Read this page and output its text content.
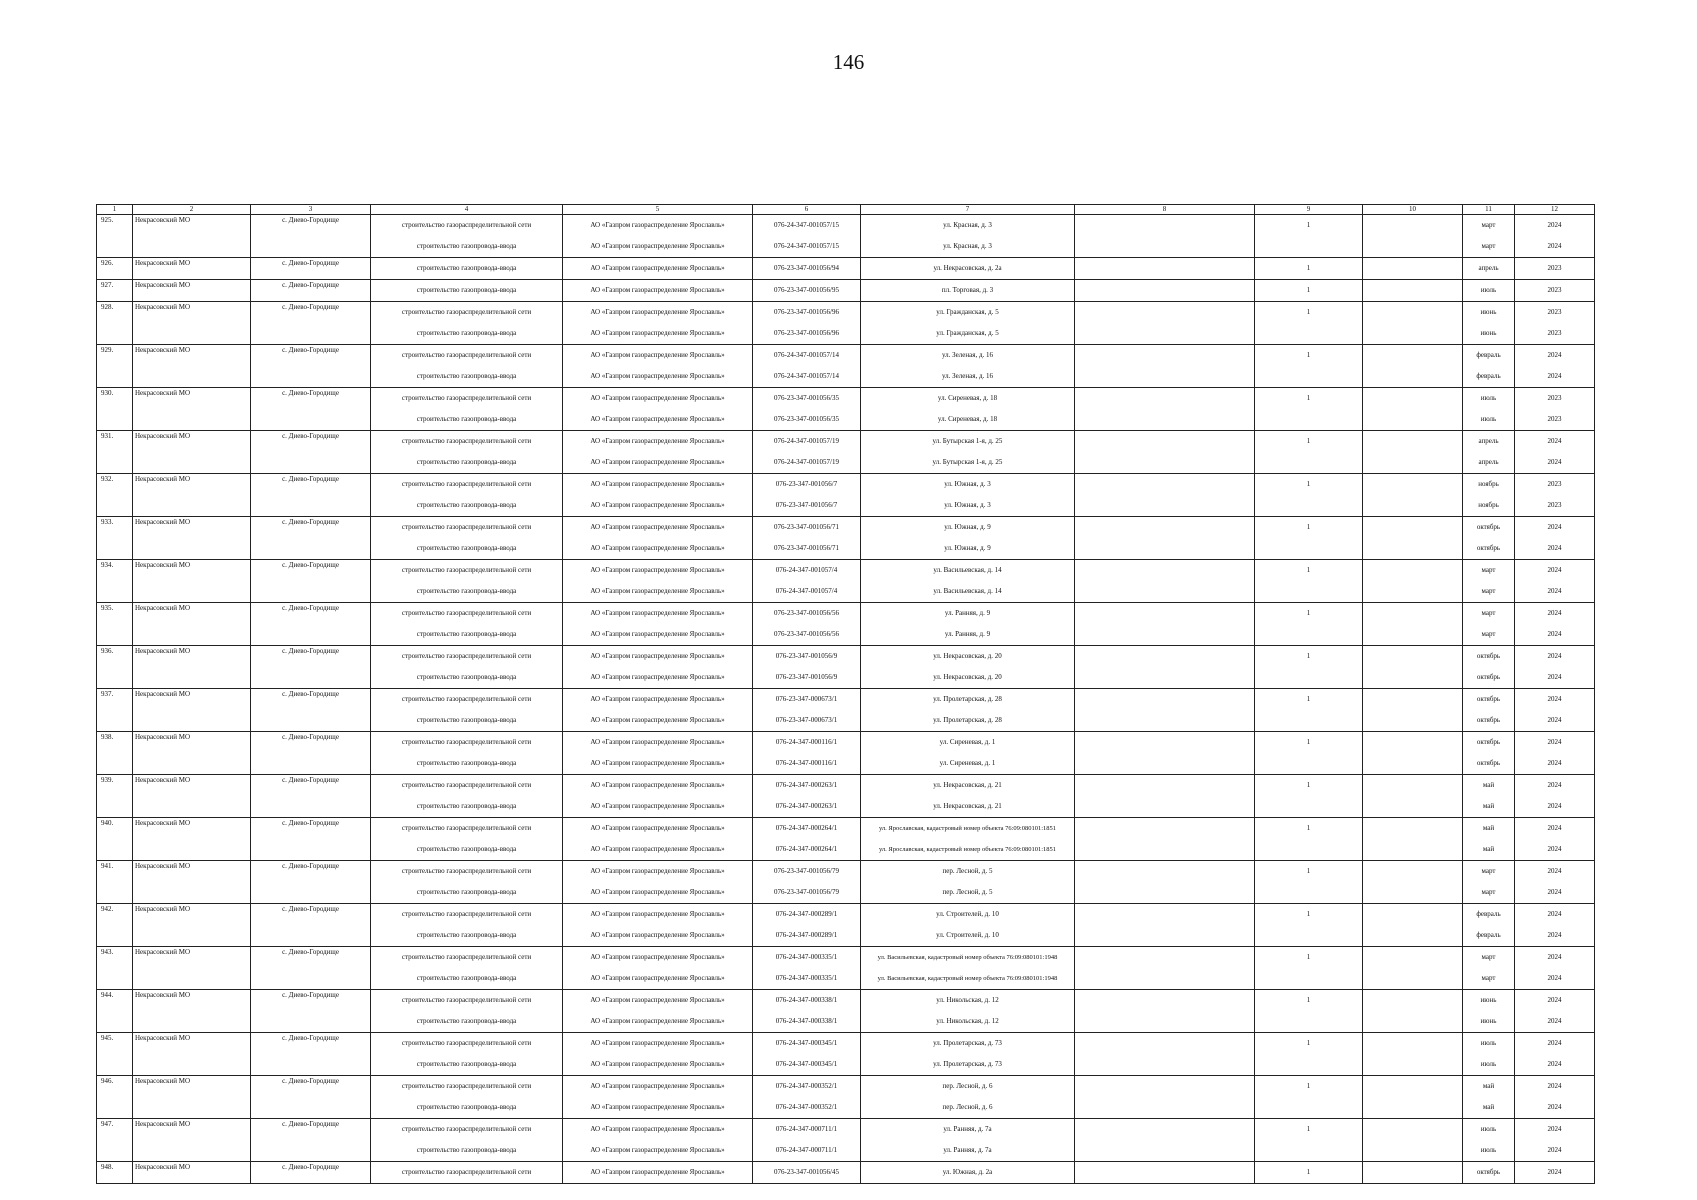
146
1	2	3	4	5	6	7	8	9	10	11	12
925.	Некрасовский МО	с. Диево-Городище	строительство газораспределительной сети	АО «Газпром газораспределение Ярославль»	076-24-347-001057/15	ул. Красная, д. 3		1		март	2024
			строительство газопровода-ввода	АО «Газпром газораспределение Ярославль»	076-24-347-001057/15	ул. Красная, д. 3				март	2024
926.	Некрасовский МО	с. Диево-Городище	строительство газопровода-ввода	АО «Газпром газораспределение Ярославль»	076-23-347-001056/94	ул. Некрасовская, д. 2а		1		апрель	2023
927.	Некрасовский МО	с. Диево-Городище	строительство газопровода-ввода	АО «Газпром газораспределение Ярославль»	076-23-347-001056/95	пл. Торговая, д. 3		1		июль	2023
928.	Некрасовский МО	с. Диево-Городище	строительство газораспределительной сети	АО «Газпром газораспределение Ярославль»	076-23-347-001056/96	ул. Гражданская, д. 5		1		июнь	2023
			строительство газопровода-ввода	АО «Газпром газораспределение Ярославль»	076-23-347-001056/96	ул. Гражданская, д. 5				июнь	2023
929.	Некрасовский МО	с. Диево-Городище	строительство газораспределительной сети	АО «Газпром газораспределение Ярославль»	076-24-347-001057/14	ул. Зеленая, д. 16		1		февраль	2024
			строительство газопровода-ввода	АО «Газпром газораспределение Ярославль»	076-24-347-001057/14	ул. Зеленая, д. 16				февраль	2024
930.	Некрасовский МО	с. Диево-Городище	строительство газораспределительной сети	АО «Газпром газораспределение Ярославль»	076-23-347-001056/35	ул. Сиреневая, д. 18		1		июль	2023
			строительство газопровода-ввода	АО «Газпром газораспределение Ярославль»	076-23-347-001056/35	ул. Сиреневая, д. 18				июль	2023
931.	Некрасовский МО	с. Диево-Городище	строительство газораспределительной сети	АО «Газпром газораспределение Ярославль»	076-24-347-001057/19	ул. Бутырская 1-я, д. 25		1		апрель	2024
			строительство газопровода-ввода	АО «Газпром газораспределение Ярославль»	076-24-347-001057/19	ул. Бутырская 1-я, д. 25				апрель	2024
932.	Некрасовский МО	с. Диево-Городище	строительство газораспределительной сети	АО «Газпром газораспределение Ярославль»	076-23-347-001056/7	ул. Южная, д. 3		1		ноябрь	2023
			строительство газопровода-ввода	АО «Газпром газораспределение Ярославль»	076-23-347-001056/7	ул. Южная, д. 3				ноябрь	2023
933.	Некрасовский МО	с. Диево-Городище	строительство газораспределительной сети	АО «Газпром газораспределение Ярославль»	076-23-347-001056/71	ул. Южная, д. 9		1		октябрь	2024
			строительство газопровода-ввода	АО «Газпром газораспределение Ярославль»	076-23-347-001056/71	ул. Южная, д. 9				октябрь	2024
934.	Некрасовский МО	с. Диево-Городище	строительство газораспределительной сети	АО «Газпром газораспределение Ярославль»	076-24-347-001057/4	ул. Васильевская, д. 14		1		март	2024
			строительство газопровода-ввода	АО «Газпром газораспределение Ярославль»	076-24-347-001057/4	ул. Васильевская, д. 14				март	2024
935.	Некрасовский МО	с. Диево-Городище	строительство газораспределительной сети	АО «Газпром газораспределение Ярославль»	076-23-347-001056/56	ул. Ранняя, д. 9		1		март	2024
			строительство газопровода-ввода	АО «Газпром газораспределение Ярославль»	076-23-347-001056/56	ул. Ранняя, д. 9				март	2024
936.	Некрасовский МО	с. Диево-Городище	строительство газораспределительной сети	АО «Газпром газораспределение Ярославль»	076-23-347-001056/9	ул. Некрасовская, д. 20		1		октябрь	2024
			строительство газопровода-ввода	АО «Газпром газораспределение Ярославль»	076-23-347-001056/9	ул. Некрасовская, д. 20				октябрь	2024
937.	Некрасовский МО	с. Диево-Городище	строительство газораспределительной сети	АО «Газпром газораспределение Ярославль»	076-23-347-000673/1	ул. Пролетарская, д. 28		1		октябрь	2024
			строительство газопровода-ввода	АО «Газпром газораспределение Ярославль»	076-23-347-000673/1	ул. Пролетарская, д. 28				октябрь	2024
938.	Некрасовский МО	с. Диево-Городище	строительство газораспределительной сети	АО «Газпром газораспределение Ярославль»	076-24-347-000116/1	ул. Сиреневая, д. 1		1		октябрь	2024
			строительство газопровода-ввода	АО «Газпром газораспределение Ярославль»	076-24-347-000116/1	ул. Сиреневая, д. 1				октябрь	2024
939.	Некрасовский МО	с. Диево-Городище	строительство газораспределительной сети	АО «Газпром газораспределение Ярославль»	076-24-347-000263/1	ул. Некрасовская, д. 21		1		май	2024
			строительство газопровода-ввода	АО «Газпром газораспределение Ярославль»	076-24-347-000263/1	ул. Некрасовская, д. 21				май	2024
940.	Некрасовский МО	с. Диево-Городище	строительство газораспределительной сети	АО «Газпром газораспределение Ярославль»	076-24-347-000264/1	ул. Ярославская, кадастровый номер объекта 76:09:080101:1851		1		май	2024
			строительство газопровода-ввода	АО «Газпром газораспределение Ярославль»	076-24-347-000264/1	ул. Ярославская, кадастровый номер объекта 76:09:080101:1851				май	2024
941.	Некрасовский МО	с. Диево-Городище	строительство газораспределительной сети	АО «Газпром газораспределение Ярославль»	076-23-347-001056/79	пер. Лесной, д. 5		1		март	2024
			строительство газопровода-ввода	АО «Газпром газораспределение Ярославль»	076-23-347-001056/79	пер. Лесной, д. 5				март	2024
942.	Некрасовский МО	с. Диево-Городище	строительство газораспределительной сети	АО «Газпром газораспределение Ярославль»	076-24-347-000289/1	ул. Строителей, д. 10		1		февраль	2024
			строительство газопровода-ввода	АО «Газпром газораспределение Ярославль»	076-24-347-000289/1	ул. Строителей, д. 10				февраль	2024
943.	Некрасовский МО	с. Диево-Городище	строительство газораспределительной сети	АО «Газпром газораспределение Ярославль»	076-24-347-000335/1	ул. Васильевская, кадастровый номер объекта 76:09:080101:1948		1		март	2024
			строительство газопровода-ввода	АО «Газпром газораспределение Ярославль»	076-24-347-000335/1	ул. Васильевская, кадастровый номер объекта 76:09:080101:1948				март	2024
944.	Некрасовский МО	с. Диево-Городище	строительство газораспределительной сети	АО «Газпром газораспределение Ярославль»	076-24-347-000338/1	ул. Никольская, д. 12		1		июнь	2024
			строительство газопровода-ввода	АО «Газпром газораспределение Ярославль»	076-24-347-000338/1	ул. Никольская, д. 12				июнь	2024
945.	Некрасовский МО	с. Диево-Городище	строительство газораспределительной сети	АО «Газпром газораспределение Ярославль»	076-24-347-000345/1	ул. Пролетарская, д. 73		1		июль	2024
			строительство газопровода-ввода	АО «Газпром газораспределение Ярославль»	076-24-347-000345/1	ул. Пролетарская, д. 73				июль	2024
946.	Некрасовский МО	с. Диево-Городище	строительство газораспределительной сети	АО «Газпром газораспределение Ярославль»	076-24-347-000352/1	пер. Лесной, д. 6		1		май	2024
			строительство газопровода-ввода	АО «Газпром газораспределение Ярославль»	076-24-347-000352/1	пер. Лесной, д. 6				май	2024
947.	Некрасовский МО	с. Диево-Городище	строительство газораспределительной сети	АО «Газпром газораспределение Ярославль»	076-24-347-000711/1	ул. Ранняя, д. 7а		1		июль	2024
			строительство газопровода-ввода	АО «Газпром газораспределение Ярославль»	076-24-347-000711/1	ул. Ранняя, д. 7а				июль	2024
948.	Некрасовский МО	с. Диево-Городище	строительство газораспределительной сети	АО «Газпром газораспределение Ярославль»	076-23-347-001056/45	ул. Южная, д. 2а		1		октябрь	2024
